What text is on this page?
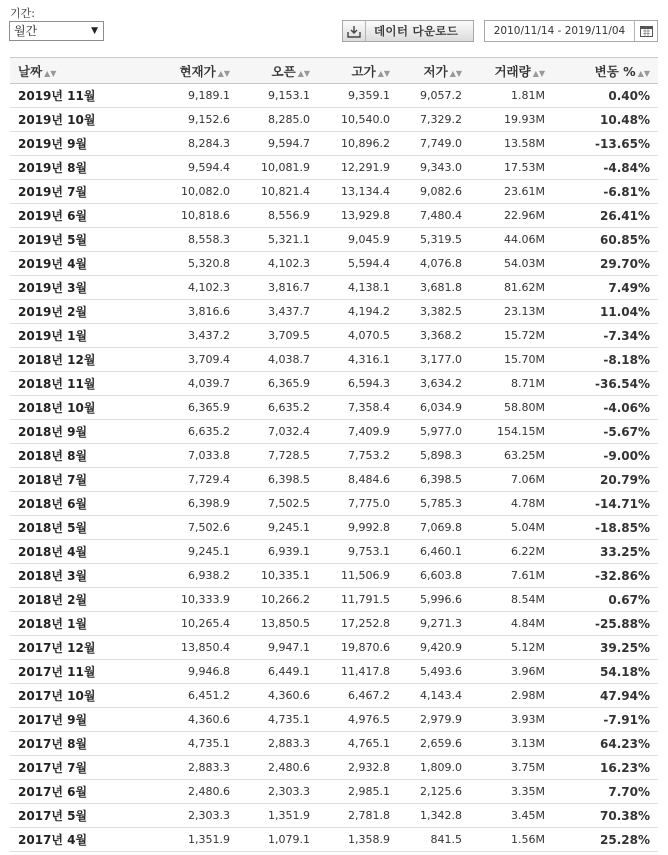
기간:
월간	▼	데이터 다운로드	2010/11/14 - 2019/11/04
날짜 ▲▼	현재가 ▲▼	오픈 ▲▼	고가 ▲▼	저가 ▲▼	거래량 ▲▼	변동 % ▲▼
2019년 11월	9,189.1	9,153.1	9,359.1	9,057.2	1.81M	0.40%
2019년 10월	9,152.6	8,285.0	10,540.0	7,329.2	19.93M	10.48%
2019년 9월	8,284.3	9,594.7	10,896.2	7,749.0	13.58M	-13.65%
2019년 8월	9,594.4	10,081.9	12,291.9	9,343.0	17.53M	-4.84%
2019년 7월	10,082.0	10,821.4	13,134.4	9,082.6	23.61M	-6.81%
2019년 6월	10,818.6	8,556.9	13,929.8	7,480.4	22.96M	26.41%
2019년 5월	8,558.3	5,321.1	9,045.9	5,319.5	44.06M	60.85%
2019년 4월	5,320.8	4,102.3	5,594.4	4,076.8	54.03M	29.70%
2019년 3월	4,102.3	3,816.7	4,138.1	3,681.8	81.62M	7.49%
2019년 2월	3,816.6	3,437.7	4,194.2	3,382.5	23.13M	11.04%
2019년 1월	3,437.2	3,709.5	4,070.5	3,368.2	15.72M	-7.34%
2018년 12월	3,709.4	4,038.7	4,316.1	3,177.0	15.70M	-8.18%
2018년 11월	4,039.7	6,365.9	6,594.3	3,634.2	8.71M	-36.54%
2018년 10월	6,365.9	6,635.2	7,358.4	6,034.9	58.80M	-4.06%
2018년 9월	6,635.2	7,032.4	7,409.9	5,977.0	154.15M	-5.67%
2018년 8월	7,033.8	7,728.5	7,753.2	5,898.3	63.25M	-9.00%
2018년 7월	7,729.4	6,398.5	8,484.6	6,398.5	7.06M	20.79%
2018년 6월	6,398.9	7,502.5	7,775.0	5,785.3	4.78M	-14.71%
2018년 5월	7,502.6	9,245.1	9,992.8	7,069.8	5.04M	-18.85%
2018년 4월	9,245.1	6,939.1	9,753.1	6,460.1	6.22M	33.25%
2018년 3월	6,938.2	10,335.1	11,506.9	6,603.8	7.61M	-32.86%
2018년 2월	10,333.9	10,266.2	11,791.5	5,996.6	8.54M	0.67%
2018년 1월	10,265.4	13,850.5	17,252.8	9,271.3	4.84M	-25.88%
2017년 12월	13,850.4	9,947.1	19,870.6	9,420.9	5.12M	39.25%
2017년 11월	9,946.8	6,449.1	11,417.8	5,493.6	3.96M	54.18%
2017년 10월	6,451.2	4,360.6	6,467.2	4,143.4	2.98M	47.94%
2017년 9월	4,360.6	4,735.1	4,976.5	2,979.9	3.93M	-7.91%
2017년 8월	4,735.1	2,883.3	4,765.1	2,659.6	3.13M	64.23%
2017년 7월	2,883.3	2,480.6	2,932.8	1,809.0	3.75M	16.23%
2017년 6월	2,480.6	2,303.3	2,985.1	2,125.6	3.35M	7.70%
2017년 5월	2,303.3	1,351.9	2,781.8	1,342.8	3.45M	70.38%
2017년 4월	1,351.9	1,079.1	1,358.9	841.5	1.56M	25.28%
